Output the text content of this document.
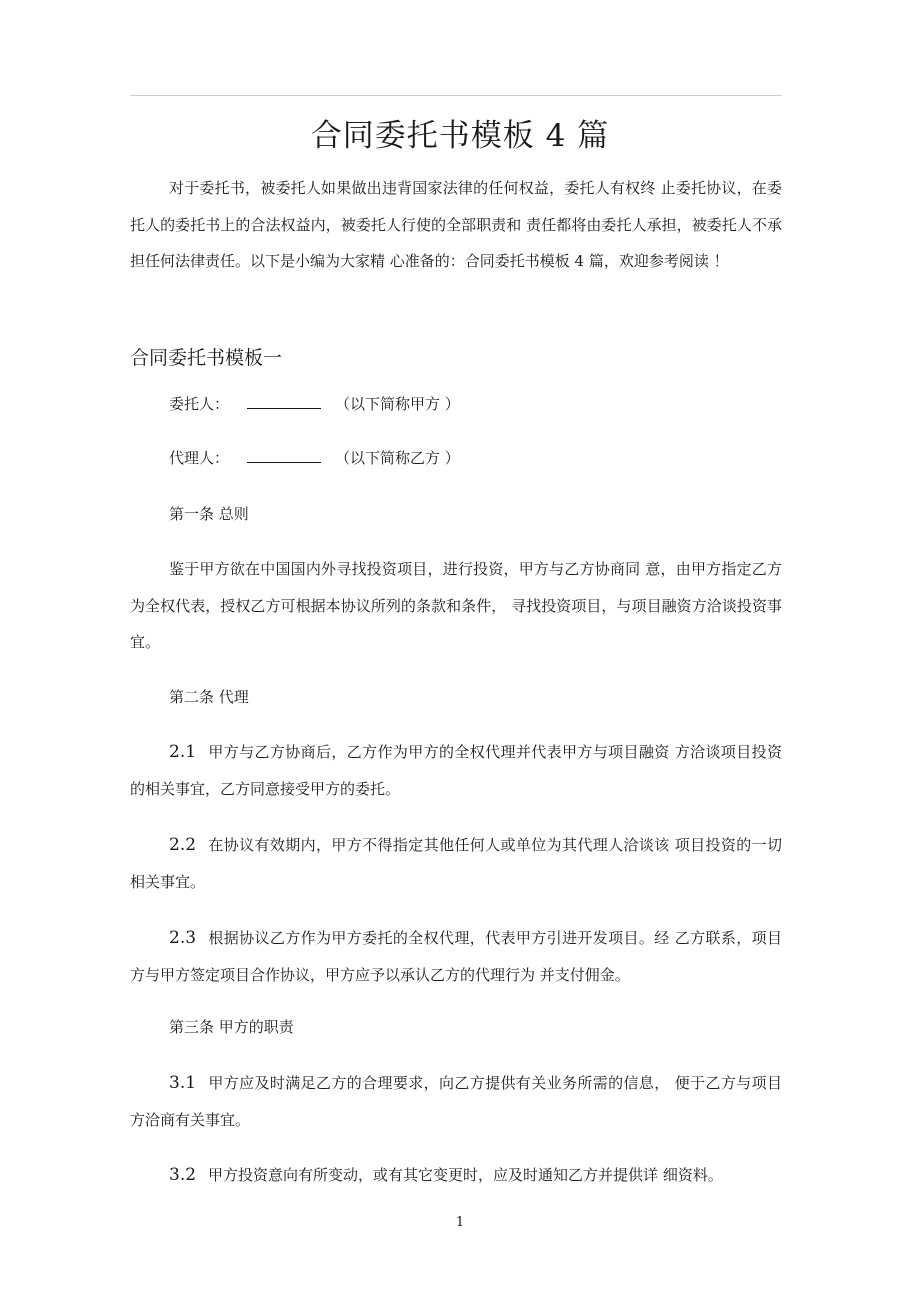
合同委托书模板 4 篇

对于委托书，被委托人如果做出违背国家法律的任何权益，委托人有权终 止委托协议，在委托人的委托书上的合法权益内，被委托人行使的全部职责和 责任都将由委托人承担，被委托人不承担任何法律责任。以下是小编为大家精 心准备的：合同委托书模板 4 篇，欢迎参考阅读 ！

合同委托书模板一

委托人：	（以下简称甲方 ）

代理人：	（以下简称乙方 ）

第一条 总则

鉴于甲方欲在中国国内外寻找投资项目，进行投资，甲方与乙方协商同 意，由甲方指定乙方为全权代表，授权乙方可根据本协议所列的条款和条件， 寻找投资项目，与项目融资方洽谈投资事宜。

第二条 代理

2.1 甲方与乙方协商后，乙方作为甲方的全权代理并代表甲方与项目融资 方洽谈项目投资的相关事宜，乙方同意接受甲方的委托。

2.2 在协议有效期内，甲方不得指定其他任何人或单位为其代理人洽谈该 项目投资的一切相关事宜。

2.3 根据协议乙方作为甲方委托的全权代理，代表甲方引进开发项目。经 乙方联系，项目方与甲方签定项目合作协议，甲方应予以承认乙方的代理行为 并支付佣金。

第三条 甲方的职责

3.1 甲方应及时满足乙方的合理要求，向乙方提供有关业务所需的信息， 便于乙方与项目方洽商有关事宜。

3.2 甲方投资意向有所变动，或有其它变更时，应及时通知乙方并提供详 细资料。

1
